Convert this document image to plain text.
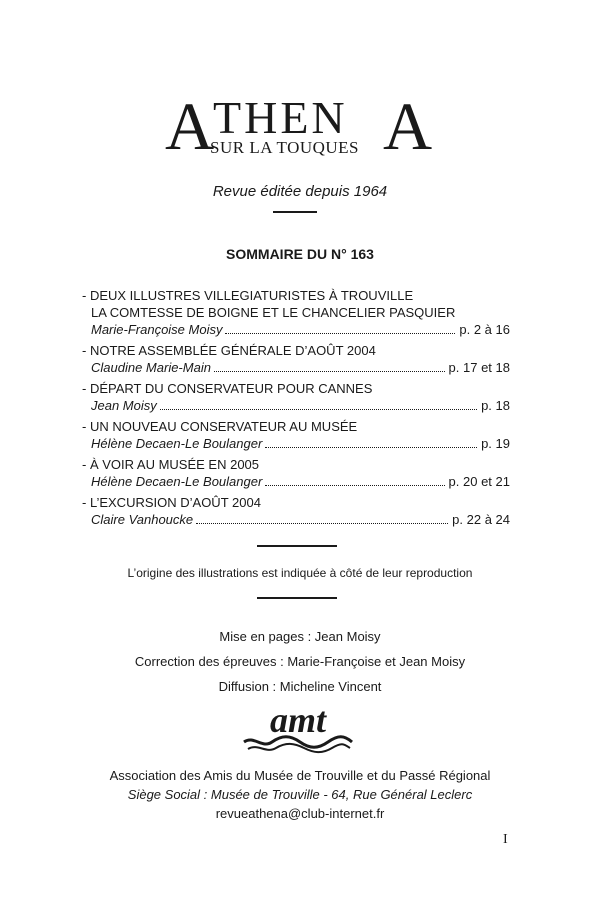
A
THEN A
SUR LA TOUQUES
Revue éditée depuis 1964
SOMMAIRE DU N° 163
- DEUX ILLUSTRES VILLEGIATURISTES À TROUVILLE
LA COMTESSE DE BOIGNE ET LE CHANCELIER PASQUIER
Marie-Françoise Moisy	p. 2 à 16
- NOTRE ASSEMBLÉE GÉNÉRALE D’AOÛT 2004
Claudine Marie-Main	p. 17 et 18
- DÉPART DU CONSERVATEUR POUR CANNES
Jean Moisy	p. 18
- UN NOUVEAU CONSERVATEUR AU MUSÉE
Hélène Decaen-Le Boulanger	p. 19
- À VOIR AU MUSÉE EN 2005
Hélène Decaen-Le Boulanger	p. 20 et 21
- L’EXCURSION D’AOÛT 2004
Claire Vanhoucke	p. 22 à 24
L’origine des illustrations est indiquée à côté de leur reproduction
Mise en pages : Jean Moisy
Correction des épreuves : Marie-Françoise et Jean Moisy
Diffusion : Micheline Vincent
amt
Association des Amis du Musée de Trouville et du Passé Régional
Siège Social : Musée de Trouville - 64, Rue Général Leclerc
revueathena@club-internet.fr
I
